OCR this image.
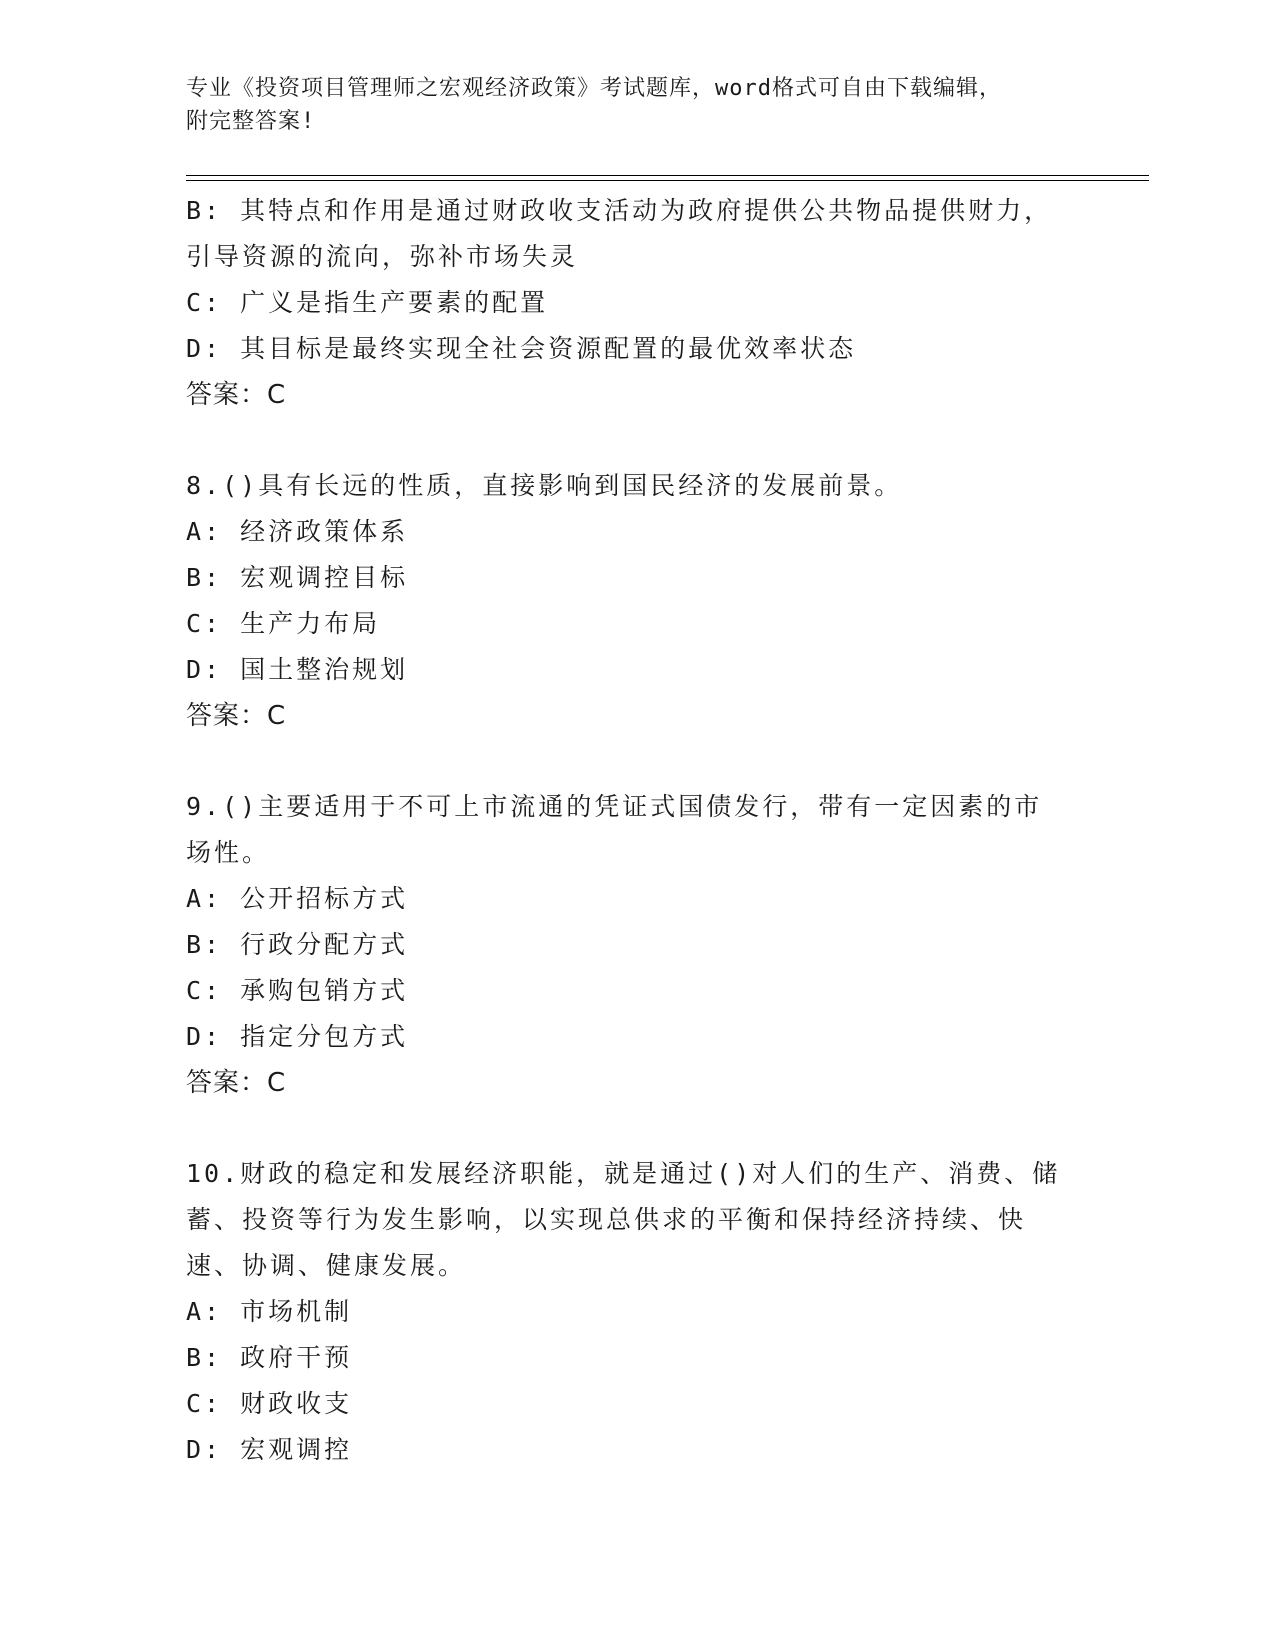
专业《投资项目管理师之宏观经济政策》考试题库，word格式可自由下载编辑，
附完整答案!
B: 其特点和作用是通过财政收支活动为政府提供公共物品提供财力，
引导资源的流向，弥补市场失灵
C: 广义是指生产要素的配置
D: 其目标是最终实现全社会资源配置的最优效率状态
答案：C
8.()具有长远的性质，直接影响到国民经济的发展前景。
A: 经济政策体系
B: 宏观调控目标
C: 生产力布局
D: 国土整治规划
答案：C
9.()主要适用于不可上市流通的凭证式国债发行，带有一定因素的市
场性。
A: 公开招标方式
B: 行政分配方式
C: 承购包销方式
D: 指定分包方式
答案：C
10.财政的稳定和发展经济职能，就是通过()对人们的生产、消费、储
蓄、投资等行为发生影响，以实现总供求的平衡和保持经济持续、快
速、协调、健康发展。
A: 市场机制
B: 政府干预
C: 财政收支
D: 宏观调控
